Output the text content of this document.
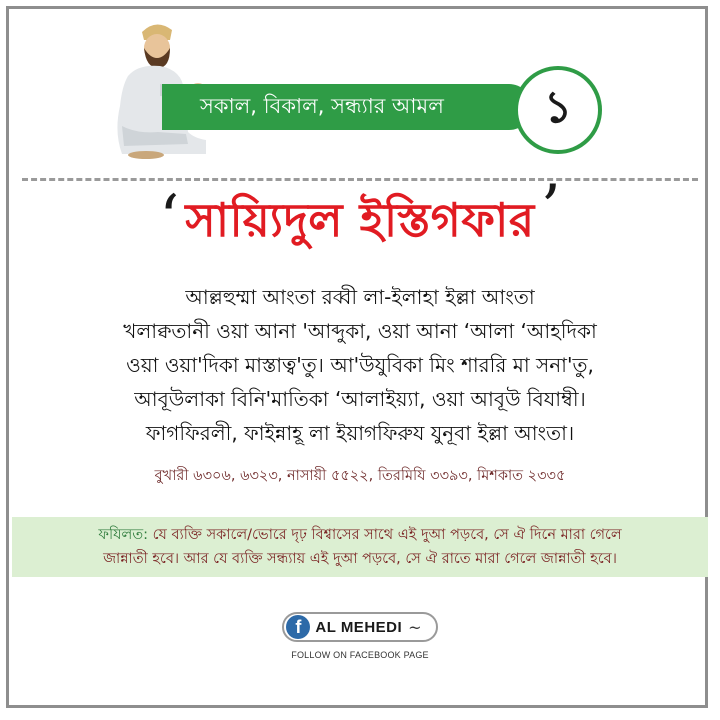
সকাল, বিকাল, সন্ধ্যার আমল ১
‘ সায়্যিদুল ইস্তিগফার ’
আল্লহুম্মা আংতা রব্বী লা-ইলাহা ইল্লা আংতা
খলাক্বতানী ওয়া আনা 'আব্দুকা, ওয়া আনা ‘আলা ‘আহদিকা
ওয়া ওয়া'দিকা মাস্তাত্ব'তু। আ'উযুবিকা মিং শাররি মা সনা'তু,
আবূউলাকা বিনি'মাতিকা ‘আলাইয়্যা, ওয়া আবূউ বিযাম্বী।
ফাগফিরলী, ফাইন্নাহূ লা ইয়াগফিরুয যুনূবা ইল্লা আংতা।
বুখারী ৬৩০৬, ৬৩২৩, নাসায়ী ৫৫২২, তিরমিযি ৩৩৯৩, মিশকাত ২৩৩৫
ফযিলত: যে ব্যক্তি সকালে/ভোরে দৃঢ় বিশ্বাসের সাথে এই দুআ পড়বে, সে ঐ দিনে মারা গেলে
জান্নাতী হবে। আর যে ব্যক্তি সন্ধ্যায় এই দুআ পড়বে, সে ঐ রাতে মারা গেলে জান্নাতী হবে।
f AL MEHEDI ~
FOLLOW ON FACEBOOK PAGE
